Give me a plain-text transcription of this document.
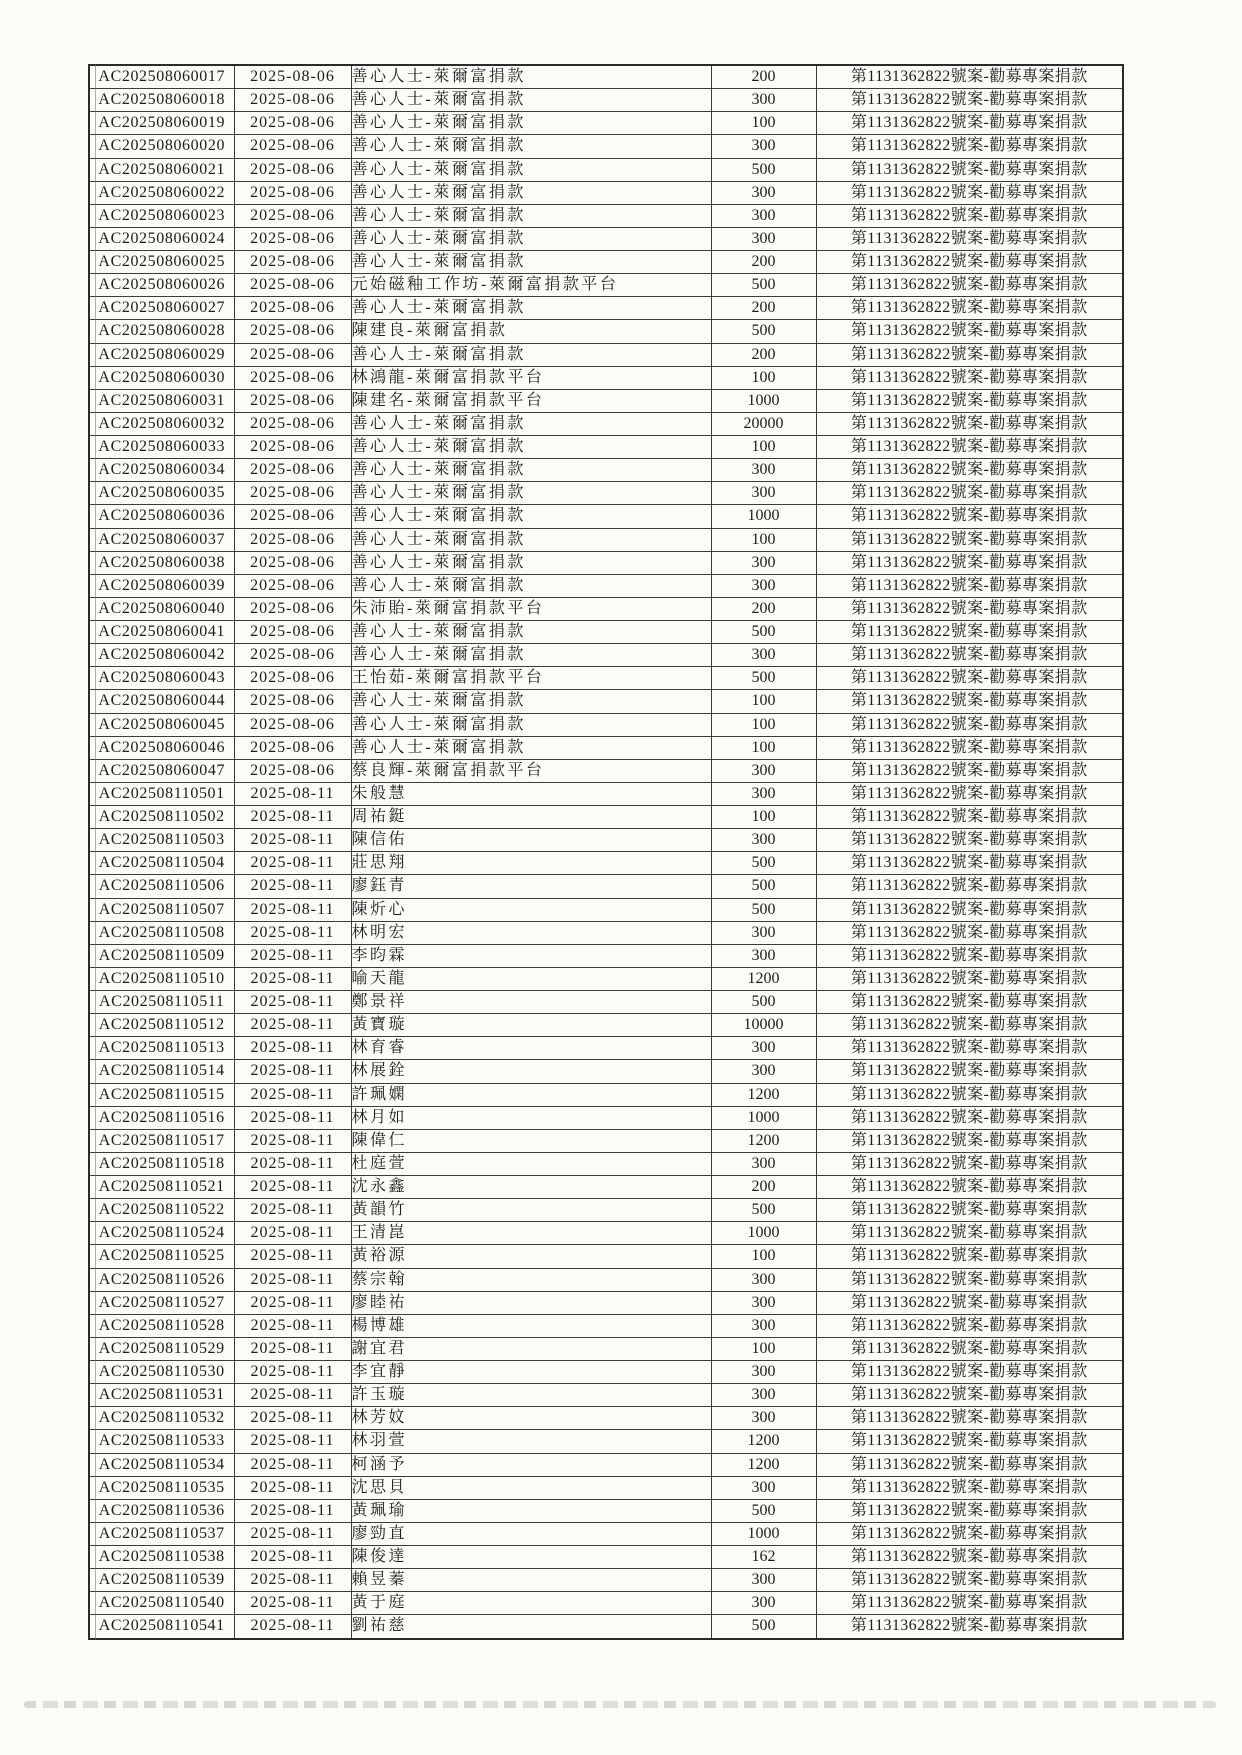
AC202508060017	2025-08-06	善心人士-萊爾富捐款	200	第1131362822號案-勸募專案捐款
AC202508060018	2025-08-06	善心人士-萊爾富捐款	300	第1131362822號案-勸募專案捐款
AC202508060019	2025-08-06	善心人士-萊爾富捐款	100	第1131362822號案-勸募專案捐款
AC202508060020	2025-08-06	善心人士-萊爾富捐款	300	第1131362822號案-勸募專案捐款
AC202508060021	2025-08-06	善心人士-萊爾富捐款	500	第1131362822號案-勸募專案捐款
AC202508060022	2025-08-06	善心人士-萊爾富捐款	300	第1131362822號案-勸募專案捐款
AC202508060023	2025-08-06	善心人士-萊爾富捐款	300	第1131362822號案-勸募專案捐款
AC202508060024	2025-08-06	善心人士-萊爾富捐款	300	第1131362822號案-勸募專案捐款
AC202508060025	2025-08-06	善心人士-萊爾富捐款	200	第1131362822號案-勸募專案捐款
AC202508060026	2025-08-06	元始磁釉工作坊-萊爾富捐款平台	500	第1131362822號案-勸募專案捐款
AC202508060027	2025-08-06	善心人士-萊爾富捐款	200	第1131362822號案-勸募專案捐款
AC202508060028	2025-08-06	陳建良-萊爾富捐款	500	第1131362822號案-勸募專案捐款
AC202508060029	2025-08-06	善心人士-萊爾富捐款	200	第1131362822號案-勸募專案捐款
AC202508060030	2025-08-06	林鴻龍-萊爾富捐款平台	100	第1131362822號案-勸募專案捐款
AC202508060031	2025-08-06	陳建名-萊爾富捐款平台	1000	第1131362822號案-勸募專案捐款
AC202508060032	2025-08-06	善心人士-萊爾富捐款	20000	第1131362822號案-勸募專案捐款
AC202508060033	2025-08-06	善心人士-萊爾富捐款	100	第1131362822號案-勸募專案捐款
AC202508060034	2025-08-06	善心人士-萊爾富捐款	300	第1131362822號案-勸募專案捐款
AC202508060035	2025-08-06	善心人士-萊爾富捐款	300	第1131362822號案-勸募專案捐款
AC202508060036	2025-08-06	善心人士-萊爾富捐款	1000	第1131362822號案-勸募專案捐款
AC202508060037	2025-08-06	善心人士-萊爾富捐款	100	第1131362822號案-勸募專案捐款
AC202508060038	2025-08-06	善心人士-萊爾富捐款	300	第1131362822號案-勸募專案捐款
AC202508060039	2025-08-06	善心人士-萊爾富捐款	300	第1131362822號案-勸募專案捐款
AC202508060040	2025-08-06	朱沛貽-萊爾富捐款平台	200	第1131362822號案-勸募專案捐款
AC202508060041	2025-08-06	善心人士-萊爾富捐款	500	第1131362822號案-勸募專案捐款
AC202508060042	2025-08-06	善心人士-萊爾富捐款	300	第1131362822號案-勸募專案捐款
AC202508060043	2025-08-06	王怡茹-萊爾富捐款平台	500	第1131362822號案-勸募專案捐款
AC202508060044	2025-08-06	善心人士-萊爾富捐款	100	第1131362822號案-勸募專案捐款
AC202508060045	2025-08-06	善心人士-萊爾富捐款	100	第1131362822號案-勸募專案捐款
AC202508060046	2025-08-06	善心人士-萊爾富捐款	100	第1131362822號案-勸募專案捐款
AC202508060047	2025-08-06	蔡良輝-萊爾富捐款平台	300	第1131362822號案-勸募專案捐款
AC202508110501	2025-08-11	朱般慧	300	第1131362822號案-勸募專案捐款
AC202508110502	2025-08-11	周祐鋌	100	第1131362822號案-勸募專案捐款
AC202508110503	2025-08-11	陳信佑	300	第1131362822號案-勸募專案捐款
AC202508110504	2025-08-11	莊思翔	500	第1131362822號案-勸募專案捐款
AC202508110506	2025-08-11	廖鈺青	500	第1131362822號案-勸募專案捐款
AC202508110507	2025-08-11	陳炘心	500	第1131362822號案-勸募專案捐款
AC202508110508	2025-08-11	林明宏	300	第1131362822號案-勸募專案捐款
AC202508110509	2025-08-11	李昀霖	300	第1131362822號案-勸募專案捐款
AC202508110510	2025-08-11	喻天龍	1200	第1131362822號案-勸募專案捐款
AC202508110511	2025-08-11	鄭景祥	500	第1131362822號案-勸募專案捐款
AC202508110512	2025-08-11	黃寶璇	10000	第1131362822號案-勸募專案捐款
AC202508110513	2025-08-11	林育睿	300	第1131362822號案-勸募專案捐款
AC202508110514	2025-08-11	林展銓	300	第1131362822號案-勸募專案捐款
AC202508110515	2025-08-11	許珮嫻	1200	第1131362822號案-勸募專案捐款
AC202508110516	2025-08-11	林月如	1000	第1131362822號案-勸募專案捐款
AC202508110517	2025-08-11	陳偉仁	1200	第1131362822號案-勸募專案捐款
AC202508110518	2025-08-11	杜庭萱	300	第1131362822號案-勸募專案捐款
AC202508110521	2025-08-11	沈永鑫	200	第1131362822號案-勸募專案捐款
AC202508110522	2025-08-11	黃韻竹	500	第1131362822號案-勸募專案捐款
AC202508110524	2025-08-11	王清崑	1000	第1131362822號案-勸募專案捐款
AC202508110525	2025-08-11	黃裕源	100	第1131362822號案-勸募專案捐款
AC202508110526	2025-08-11	蔡宗翰	300	第1131362822號案-勸募專案捐款
AC202508110527	2025-08-11	廖睦祐	300	第1131362822號案-勸募專案捐款
AC202508110528	2025-08-11	楊博雄	300	第1131362822號案-勸募專案捐款
AC202508110529	2025-08-11	謝宜君	100	第1131362822號案-勸募專案捐款
AC202508110530	2025-08-11	李宜靜	300	第1131362822號案-勸募專案捐款
AC202508110531	2025-08-11	許玉璇	300	第1131362822號案-勸募專案捐款
AC202508110532	2025-08-11	林芳妏	300	第1131362822號案-勸募專案捐款
AC202508110533	2025-08-11	林羽萱	1200	第1131362822號案-勸募專案捐款
AC202508110534	2025-08-11	柯涵予	1200	第1131362822號案-勸募專案捐款
AC202508110535	2025-08-11	沈思貝	300	第1131362822號案-勸募專案捐款
AC202508110536	2025-08-11	黃珮瑜	500	第1131362822號案-勸募專案捐款
AC202508110537	2025-08-11	廖勁直	1000	第1131362822號案-勸募專案捐款
AC202508110538	2025-08-11	陳俊達	162	第1131362822號案-勸募專案捐款
AC202508110539	2025-08-11	賴昱蓁	300	第1131362822號案-勸募專案捐款
AC202508110540	2025-08-11	黃于庭	300	第1131362822號案-勸募專案捐款
AC202508110541	2025-08-11	劉祐慈	500	第1131362822號案-勸募專案捐款
